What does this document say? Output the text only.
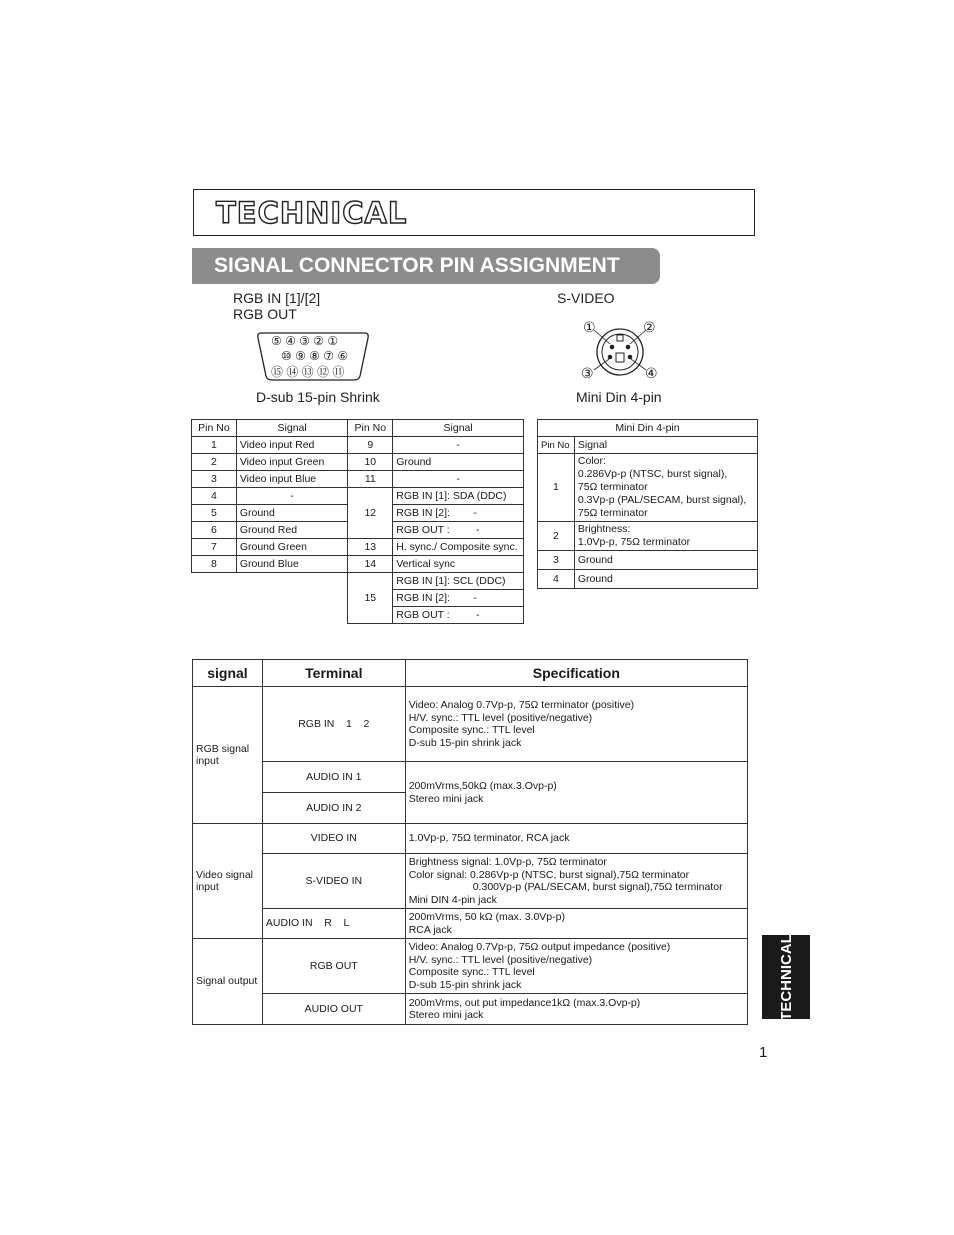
TECHNICAL
SIGNAL CONNECTOR PIN ASSIGNMENT
RGB IN [1]/[2]
RGB OUT
⑤ ④ ③ ② ①
⑩ ⑨ ⑧ ⑦ ⑥
⑮ ⑭ ⑬ ⑫ ⑪
D-sub 15-pin Shrink
S-VIDEO
①	②
③	④
Mini Din 4-pin
Pin No	Signal	Pin No	Signal
1	Video input Red	9	-
2	Video input Green	10	Ground
3	Video input Blue	11	-
4	-	12	RGB IN [1]: SDA (DDC)
5	Ground		RGB IN [2]:        -
6	Ground Red		RGB OUT :         -
7	Ground Green	13	H. sync./ Composite sync.
8	Ground Blue	14	Vertical sync
		15	RGB IN [1]: SCL (DDC)
			RGB IN [2]:        -
			RGB OUT :         -
Mini Din 4-pin	
Pin No	Signal
1	Color:
0.286Vp-p (NTSC, burst signal),
75Ω terminator
0.3Vp-p (PAL/SECAM, burst signal),
75Ω terminator

2	Brightness:
1.0Vp-p, 75Ω terminator

3	Ground
4	Ground
signal	Terminal	Specification
RGB signal input	RGB IN    1    2	Video: Analog 0.7Vp-p, 75Ω terminator (positive)
H/V. sync.: TTL level (positive/negative)
Composite sync.: TTL level
D-sub 15-pin shrink jack

	AUDIO IN 1	200mVrms,50kΩ (max.3.Ovp-p)
Stereo mini jack

	AUDIO IN 2	
Video signal input	VIDEO IN	1.0Vp-p, 75Ω terminator, RCA jack
	S-VIDEO IN	Brightness signal: 1.0Vp-p, 75Ω terminator
Color signal: 0.286Vp-p (NTSC, burst signal),75Ω terminator
0.300Vp-p (PAL/SECAM, burst signal),75Ω terminator
Mini DIN 4-pin jack

	AUDIO IN    R    L	200mVrms, 50 kΩ (max. 3.0Vp-p)
RCA jack

Signal output	RGB OUT	Video: Analog 0.7Vp-p, 75Ω output impedance (positive)
H/V. sync.: TTL level (positive/negative)
Composite sync.: TTL level
D-sub 15-pin shrink jack

	AUDIO OUT	200mVrms, out put impedance1kΩ (max.3.Ovp-p)
Stereo mini jack	TECHNICAL
1
